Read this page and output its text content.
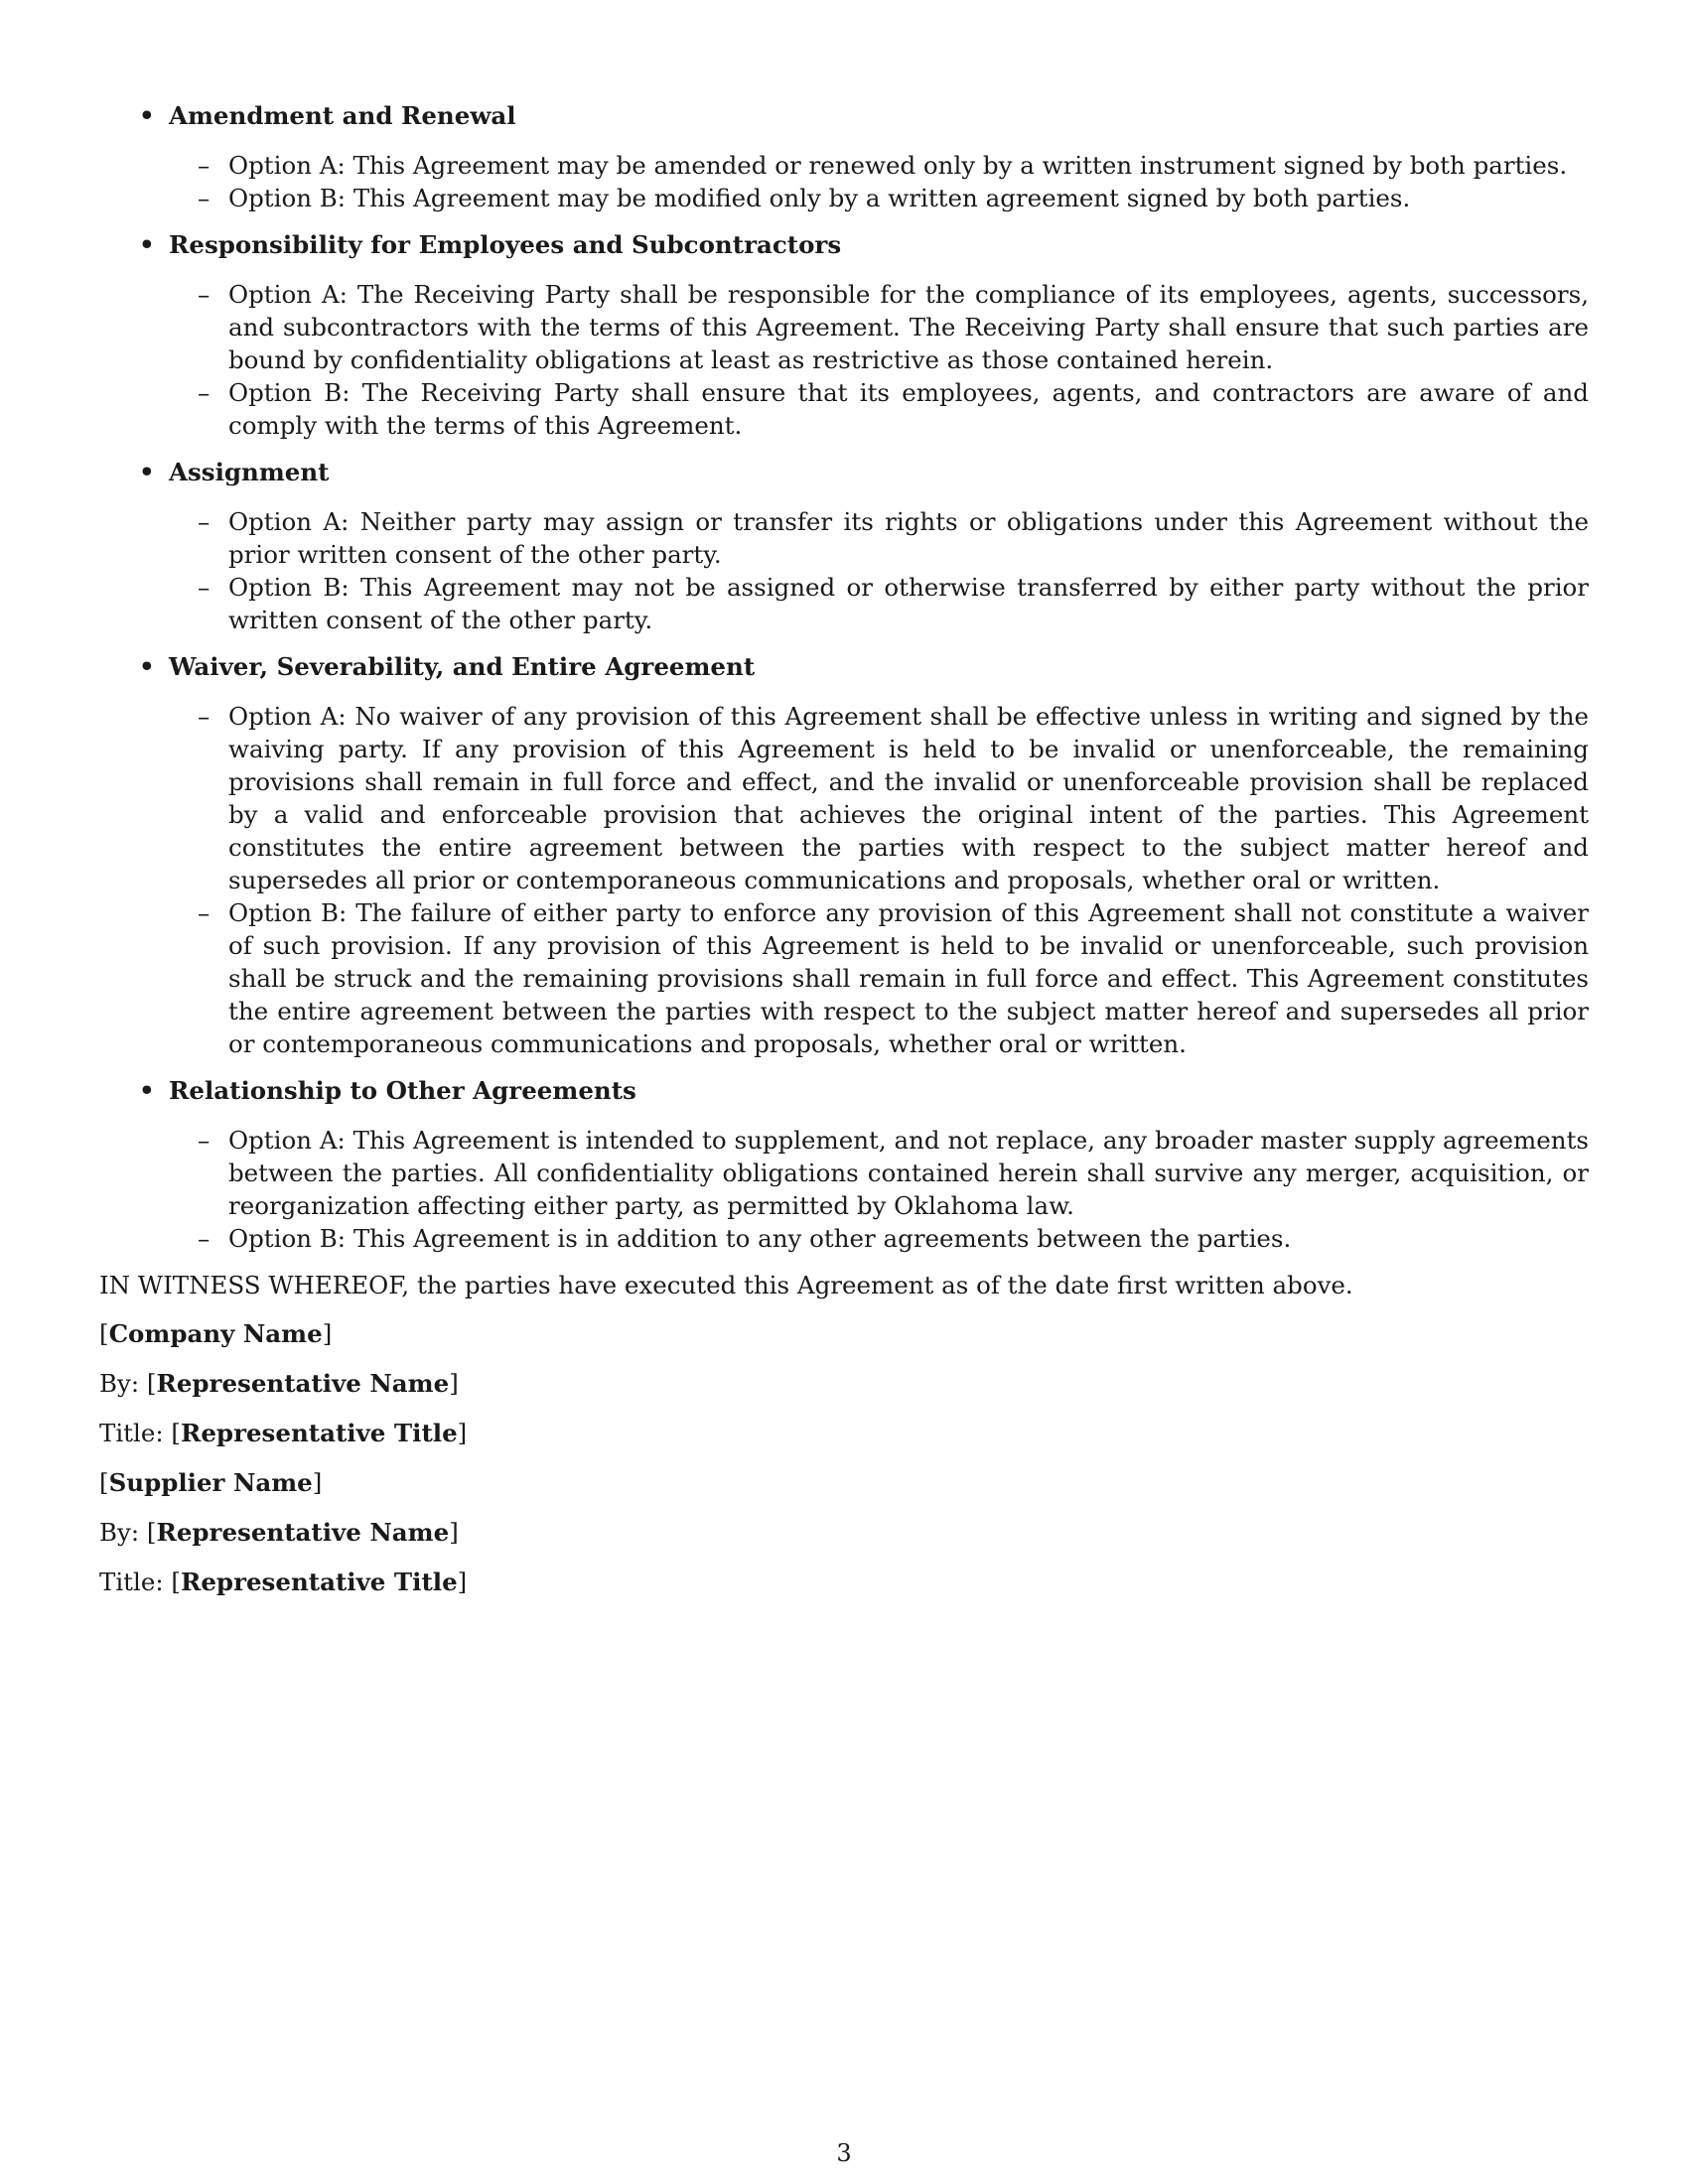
• Amendment and Renewal
– Option A: This Agreement may be amended or renewed only by a written instrument signed by both parties.
– Option B: This Agreement may be modified only by a written agreement signed by both parties.
• Responsibility for Employees and Subcontractors
– Option A: The Receiving Party shall be responsible for the compliance of its employees, agents, successors, and subcontractors with the terms of this Agreement. The Receiving Party shall ensure that such parties are bound by confidentiality obligations at least as restrictive as those contained herein.
– Option B: The Receiving Party shall ensure that its employees, agents, and contractors are aware of and comply with the terms of this Agreement.
• Assignment
– Option A: Neither party may assign or transfer its rights or obligations under this Agreement without the prior written consent of the other party.
– Option B: This Agreement may not be assigned or otherwise transferred by either party without the prior written consent of the other party.
• Waiver, Severability, and Entire Agreement
– Option A: No waiver of any provision of this Agreement shall be effective unless in writing and signed by the waiving party. If any provision of this Agreement is held to be invalid or unenforceable, the remaining provisions shall remain in full force and effect, and the invalid or unenforceable provision shall be replaced by a valid and enforceable provision that achieves the original intent of the parties. This Agreement constitutes the entire agreement between the parties with respect to the subject matter hereof and supersedes all prior or contemporaneous communications and proposals, whether oral or written.
– Option B: The failure of either party to enforce any provision of this Agreement shall not constitute a waiver of such provision. If any provision of this Agreement is held to be invalid or unenforceable, such provision shall be struck and the remaining provisions shall remain in full force and effect. This Agreement constitutes the entire agreement between the parties with respect to the subject matter hereof and supersedes all prior or contemporaneous communications and proposals, whether oral or written.
• Relationship to Other Agreements
– Option A: This Agreement is intended to supplement, and not replace, any broader master supply agreements between the parties. All confidentiality obligations contained herein shall survive any merger, acquisition, or reorganization affecting either party, as permitted by Oklahoma law.
– Option B: This Agreement is in addition to any other agreements between the parties.
IN WITNESS WHEREOF, the parties have executed this Agreement as of the date first written above.
[Company Name]
By: [Representative Name]
Title: [Representative Title]
[Supplier Name]
By: [Representative Name]
Title: [Representative Title]
3
